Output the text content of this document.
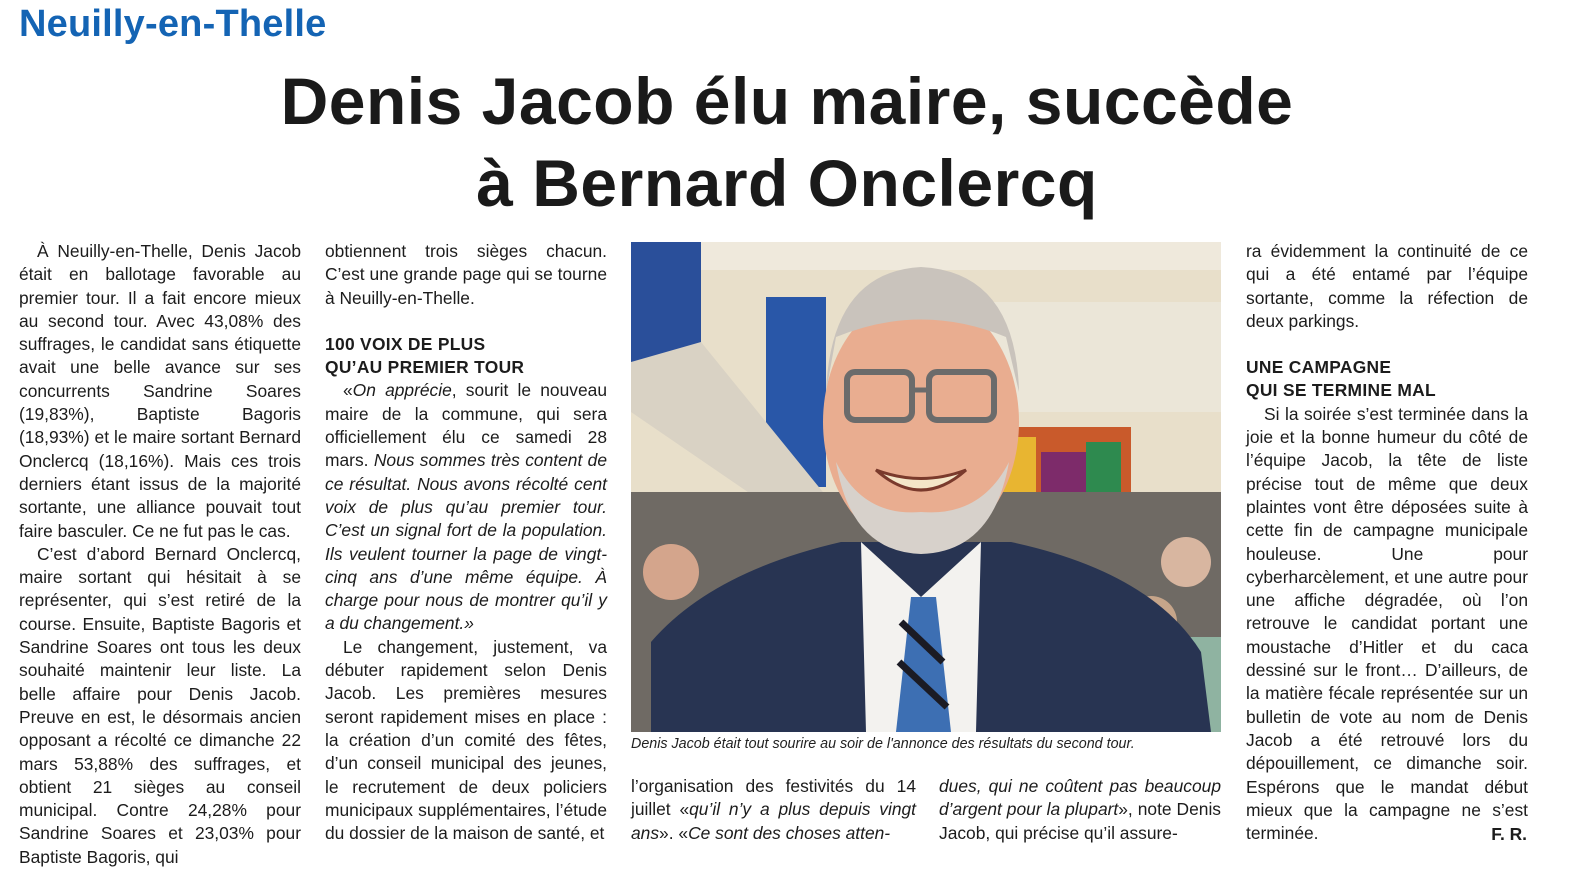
Neuilly-en-Thelle
Denis Jacob élu maire, succède
à Bernard Onclercq

À Neuilly-en-Thelle, Denis Jacob était en ballotage favorable au premier tour. Il a fait encore mieux au second tour. Avec 43,08% des suffrages, le candidat sans étiquette avait une belle avance sur ses concurrents Sandrine Soares (19,83%), Baptiste Bagoris (18,93%) et le maire sortant Bernard Onclercq (18,16%). Mais ces trois derniers étant issus de la majorité sortante, une alliance pouvait tout faire basculer. Ce ne fut pas le cas.

C’est d’abord Bernard Onclercq, maire sortant qui hésitait à se représenter, qui s’est retiré de la course. Ensuite, Baptiste Bagoris et Sandrine Soares ont tous les deux souhaité maintenir leur liste. La belle affaire pour Denis Jacob. Preuve en est, le désormais ancien opposant a récolté ce dimanche 22 mars 53,88% des suffrages, et obtient 21 sièges au conseil municipal. Contre 24,28% pour Sandrine Soares et 23,03% pour Baptiste Bagoris, qui

obtiennent trois sièges chacun. C’est une grande page qui se tourne à Neuilly-en-Thelle.

100 VOIX DE PLUS
QU’AU PREMIER TOUR

«On apprécie, sourit le nouveau maire de la commune, qui sera officiellement élu ce samedi 28 mars. Nous sommes très content de ce résultat. Nous avons récolté cent voix de plus qu’au premier tour. C’est un signal fort de la population. Ils veulent tourner la page de vingt-cinq ans d’une même équipe. À charge pour nous de montrer qu’il y a du changement.»

Le changement, justement, va débuter rapidement selon Denis Jacob. Les premières mesures seront rapidement mises en place : la création d’un comité des fêtes, d’un conseil municipal des jeunes, le recrutement de deux policiers municipaux supplémentaires, l’étude du dossier de la maison de santé, et

Denis Jacob était tout sourire au soir de l'annonce des résultats du second tour.

l’organisation des festivités du 14 juillet «qu’il n’y a plus depuis vingt ans». «Ce sont des choses atten-

dues, qui ne coûtent pas beaucoup d’argent pour la plupart», note Denis Jacob, qui précise qu’il assure-

ra évidemment la continuité de ce qui a été entamé par l’équipe sortante, comme la réfection de deux parkings.

UNE CAMPAGNE
QUI SE TERMINE MAL

Si la soirée s’est terminée dans la joie et la bonne humeur du côté de l’équipe Jacob, la tête de liste précise tout de même que deux plaintes vont être déposées suite à cette fin de campagne municipale houleuse. Une pour cyberharcèlement, et une autre pour une affiche dégradée, où l’on retrouve le candidat portant une moustache d’Hitler et du caca dessiné sur le front… D’ailleurs, de la matière fécale représentée sur un bulletin de vote au nom de Denis Jacob a été retrouvé lors du dépouillement, ce dimanche soir. Espérons que le mandat début mieux que la campagne ne s’est terminée.	F. R.
